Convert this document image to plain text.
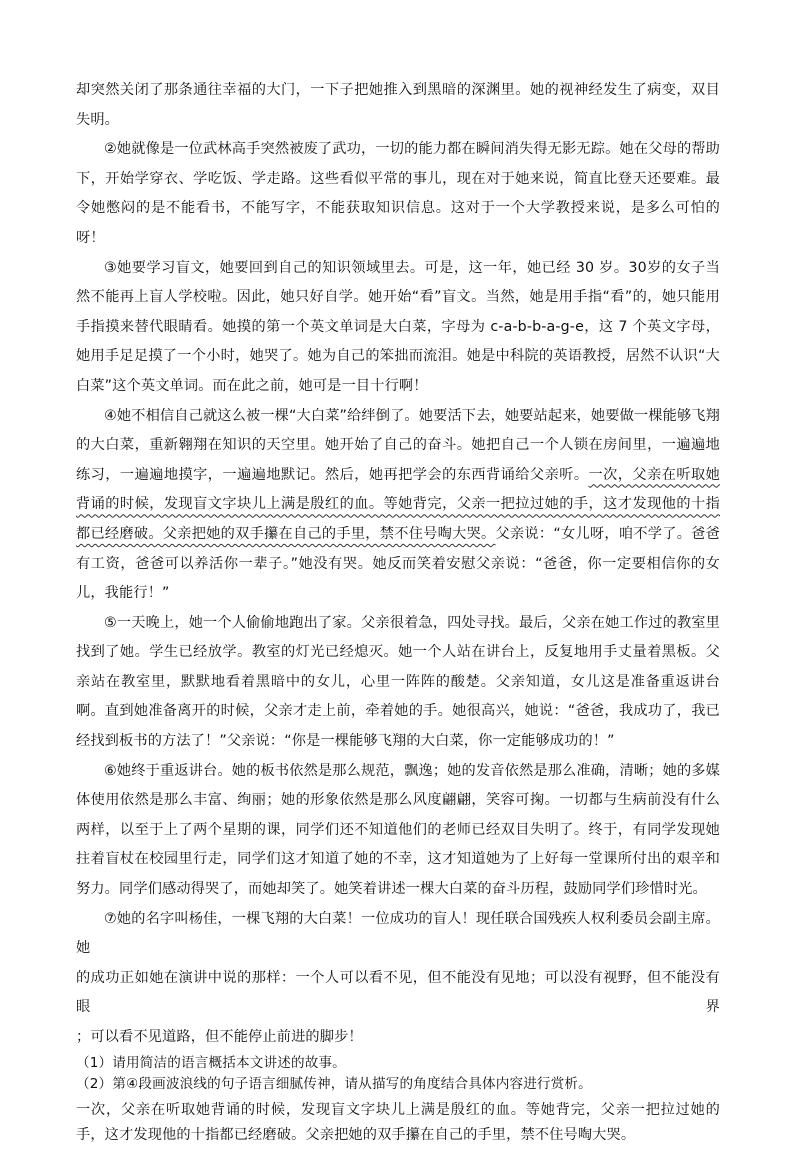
却突然关闭了那条通往幸福的大门，一下子把她推入到黑暗的深渊里。她的视神经发生了病变，双目失明。

②她就像是一位武林高手突然被废了武功，一切的能力都在瞬间消失得无影无踪。她在父母的帮助下，开始学穿衣、学吃饭、学走路。这些看似平常的事儿，现在对于她来说，简直比登天还要难。最令她憋闷的是不能看书，不能写字，不能获取知识信息。这对于一个大学教授来说，是多么可怕的呀！

③她要学习盲文，她要回到自己的知识领域里去。可是，这一年，她已经 30 岁。30岁的女子当然不能再上盲人学校啦。因此，她只好自学。她开始“看”盲文。当然，她是用手指“看”的，她只能用手指摸来替代眼睛看。她摸的第一个英文单词是大白菜，字母为 c-a-b-b-a-g-e，这 7 个英文字母，她用手足足摸了一个小时，她哭了。她为自己的笨拙而流泪。她是中科院的英语教授，居然不认识“大白菜”这个英文单词。而在此之前，她可是一目十行啊！

④她不相信自己就这么被一棵“大白菜”给绊倒了。她要活下去，她要站起来，她要做一棵能够飞翔的大白菜，重新翱翔在知识的天空里。她开始了自己的奋斗。她把自己一个人锁在房间里，一遍遍地练习，一遍遍地摸字，一遍遍地默记。然后，她再把学会的东西背诵给父亲听。一次，父亲在听取她背诵的时候，发现盲文字块儿上满是殷红的血。等她背完，父亲一把拉过她的手，这才发现他的十指都已经磨破。父亲把她的双手攥在自己的手里，禁不住号啕大哭。父亲说：“女儿呀，咱不学了。爸爸有工资，爸爸可以养活你一辈子。”她没有哭。她反而笑着安慰父亲说：“爸爸，你一定要相信你的女儿，我能行！”

⑤一天晚上，她一个人偷偷地跑出了家。父亲很着急，四处寻找。最后，父亲在她工作过的教室里找到了她。学生已经放学。教室的灯光已经熄灭。她一个人站在讲台上，反复地用手丈量着黑板。父亲站在教室里，默默地看着黑暗中的女儿，心里一阵阵的酸楚。父亲知道，女儿这是准备重返讲台啊。直到她准备离开的时候，父亲才走上前，牵着她的手。她很高兴，她说：“爸爸，我成功了，我已经找到板书的方法了！”父亲说：“你是一棵能够飞翔的大白菜，你一定能够成功的！”

⑥她终于重返讲台。她的板书依然是那么规范，飘逸；她的发音依然是那么准确，清晰；她的多媒体使用依然是那么丰富、绚丽；她的形象依然是那么风度翩翩，笑容可掬。一切都与生病前没有什么两样，以至于上了两个星期的课，同学们还不知道他们的老师已经双目失明了。终于，有同学发现她拄着盲杖在校园里行走，同学们这才知道了她的不幸，这才知道她为了上好每一堂课所付出的艰辛和努力。同学们感动得哭了，而她却笑了。她笑着讲述一棵大白菜的奋斗历程，鼓励同学们珍惜时光。

⑦她的名字叫杨佳，一棵飞翔的大白菜！一位成功的盲人！现任联合国残疾人权利委员会副主席。她

的成功正如她在演讲中说的那样：一个人可以看不见，但不能没有见地；可以没有视野，但不能没有眼界

；可以看不见道路，但不能停止前进的脚步！

（1）请用简洁的语言概括本文讲述的故事。

（2）第④段画波浪线的句子语言细腻传神，请从描写的角度结合具体内容进行赏析。

一次，父亲在听取她背诵的时候，发现盲文字块儿上满是殷红的血。等她背完，父亲一把拉过她的手，这才发现他的十指都已经磨破。父亲把她的双手攥在自己的手里，禁不住号啕大哭。
